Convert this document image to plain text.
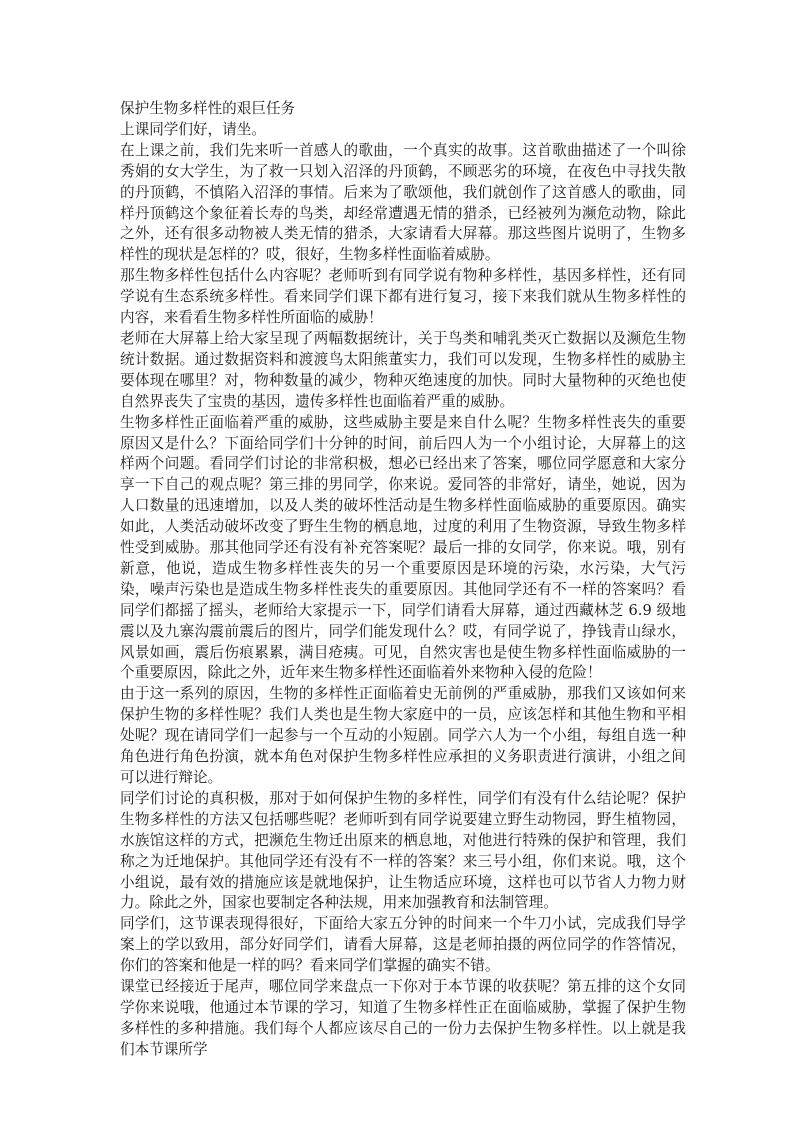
保护生物多样性的艰巨任务

上课同学们好，请坐。

在上课之前，我们先来听一首感人的歌曲，一个真实的故事。这首歌曲描述了一个叫徐秀娟的女大学生，为了救一只划入沼泽的丹顶鹤，不顾恶劣的环境，在夜色中寻找失散的丹顶鹤，不慎陷入沼泽的事情。后来为了歌颂他，我们就创作了这首感人的歌曲，同样丹顶鹤这个象征着长寿的鸟类，却经常遭遇无情的猎杀，已经被列为濒危动物，除此之外，还有很多动物被人类无情的猎杀，大家请看大屏幕。那这些图片说明了，生物多样性的现状是怎样的？哎，很好，生物多样性面临着威胁。

那生物多样性包括什么内容呢？老师听到有同学说有物种多样性，基因多样性，还有同学说有生态系统多样性。看来同学们课下都有进行复习，接下来我们就从生物多样性的内容，来看看生物多样性所面临的威胁！

老师在大屏幕上给大家呈现了两幅数据统计，关于鸟类和哺乳类灭亡数据以及濒危生物统计数据。通过数据资料和渡渡鸟太阳熊董实力，我们可以发现，生物多样性的威胁主要体现在哪里？对，物种数量的减少，物种灭绝速度的加快。同时大量物种的灭绝也使自然界丧失了宝贵的基因，遗传多样性也面临着严重的威胁。

生物多样性正面临着严重的威胁，这些威胁主要是来自什么呢？生物多样性丧失的重要原因又是什么？下面给同学们十分钟的时间，前后四人为一个小组讨论，大屏幕上的这样两个问题。看同学们讨论的非常积极，想必已经出来了答案，哪位同学愿意和大家分享一下自己的观点呢？第三排的男同学，你来说。爱同答的非常好，请坐，她说，因为人口数量的迅速增加，以及人类的破坏性活动是生物多样性面临威胁的重要原因。确实如此，人类活动破坏改变了野生生物的栖息地，过度的利用了生物资源，导致生物多样性受到威胁。那其他同学还有没有补充答案呢？最后一排的女同学，你来说。哦，别有新意，他说，造成生物多样性丧失的另一个重要原因是环境的污染，水污染，大气污染，噪声污染也是造成生物多样性丧失的重要原因。其他同学还有不一样的答案吗？看同学们都摇了摇头，老师给大家提示一下，同学们请看大屏幕，通过西藏林芝 6.9 级地震以及九寨沟震前震后的图片，同学们能发现什么？哎，有同学说了，挣钱青山绿水，风景如画，震后伤痕累累，满目疮痍。可见，自然灾害也是使生物多样性面临威胁的一个重要原因，除此之外，近年来生物多样性还面临着外来物种入侵的危险！

由于这一系列的原因，生物的多样性正面临着史无前例的严重威胁，那我们又该如何来保护生物的多样性呢？我们人类也是生物大家庭中的一员，应该怎样和其他生物和平相处呢？现在请同学们一起参与一个互动的小短剧。同学六人为一个小组，每组自选一种角色进行角色扮演，就本角色对保护生物多样性应承担的义务职责进行演讲，小组之间可以进行辩论。

同学们讨论的真积极，那对于如何保护生物的多样性，同学们有没有什么结论呢？保护生物多样性的方法又包括哪些呢？老师听到有同学说要建立野生动物园，野生植物园，水族馆这样的方式，把濒危生物迁出原来的栖息地，对他进行特殊的保护和管理，我们称之为迁地保护。其他同学还有没有不一样的答案？来三号小组，你们来说。哦，这个小组说，最有效的措施应该是就地保护，让生物适应环境，这样也可以节省人力物力财力。除此之外，国家也要制定各种法规，用来加强教育和法制管理。

同学们，这节课表现得很好，下面给大家五分钟的时间来一个牛刀小试，完成我们导学案上的学以致用，部分好同学们，请看大屏幕，这是老师拍摄的两位同学的作答情况，你们的答案和他是一样的吗？看来同学们掌握的确实不错。

课堂已经接近于尾声，哪位同学来盘点一下你对于本节课的收获呢？第五排的这个女同学你来说哦，他通过本节课的学习，知道了生物多样性正在面临威胁，掌握了保护生物多样性的多种措施。我们每个人都应该尽自己的一份力去保护生物多样性。以上就是我们本节课所学
